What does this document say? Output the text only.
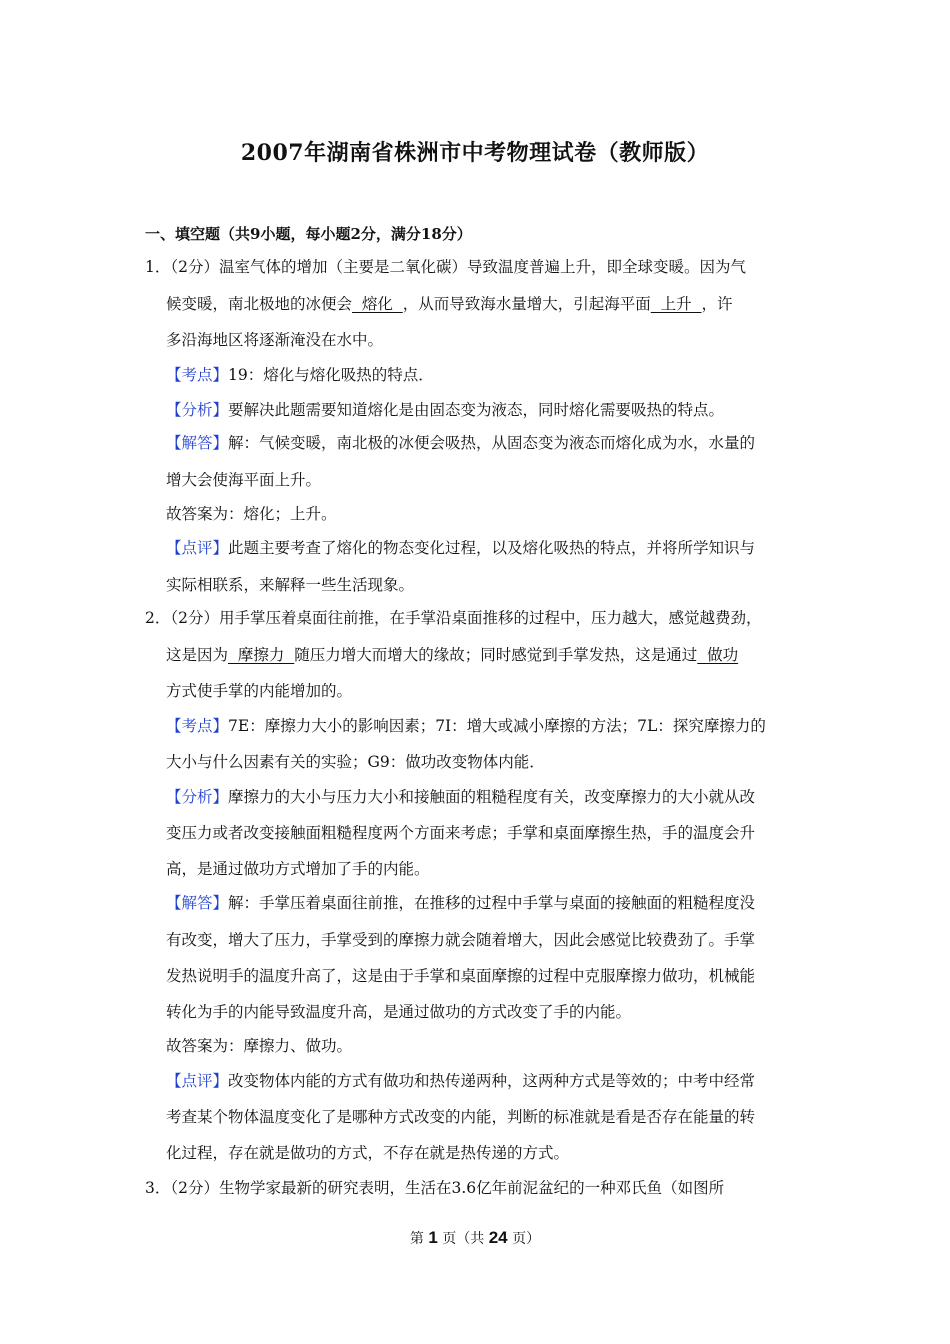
2007年湖南省株洲市中考物理试卷（教师版）
一、填空题（共9小题，每小题2分，满分18分）
1．（2分）温室气体的增加（主要是二氧化碳）导致温度普遍上升，即全球变暖。因为气
候变暖，南北极地的冰便会  熔化  ，从而导致海水量增大，引起海平面  上升  ，许
多沿海地区将逐渐淹没在水中。
【考点】19：熔化与熔化吸热的特点．
【分析】要解决此题需要知道熔化是由固态变为液态，同时熔化需要吸热的特点。
【解答】解：气候变暖，南北极的冰便会吸热，从固态变为液态而熔化成为水，水量的
增大会使海平面上升。
故答案为：熔化；上升。
【点评】此题主要考查了熔化的物态变化过程，以及熔化吸热的特点，并将所学知识与
实际相联系，来解释一些生活现象。
2．（2分）用手掌压着桌面往前推，在手掌沿桌面推移的过程中，压力越大，感觉越费劲，
这是因为  摩擦力  随压力增大而增大的缘故；同时感觉到手掌发热，这是通过  做功
方式使手掌的内能增加的。
【考点】7E：摩擦力大小的影响因素；7I：增大或减小摩擦的方法；7L：探究摩擦力的
大小与什么因素有关的实验；G9：做功改变物体内能．
【分析】摩擦力的大小与压力大小和接触面的粗糙程度有关，改变摩擦力的大小就从改
变压力或者改变接触面粗糙程度两个方面来考虑；手掌和桌面摩擦生热，手的温度会升
高，是通过做功方式增加了手的内能。
【解答】解：手掌压着桌面往前推，在推移的过程中手掌与桌面的接触面的粗糙程度没
有改变，增大了压力，手掌受到的摩擦力就会随着增大，因此会感觉比较费劲了。手掌
发热说明手的温度升高了，这是由于手掌和桌面摩擦的过程中克服摩擦力做功，机械能
转化为手的内能导致温度升高，是通过做功的方式改变了手的内能。
故答案为：摩擦力、做功。
【点评】改变物体内能的方式有做功和热传递两种，这两种方式是等效的；中考中经常
考查某个物体温度变化了是哪种方式改变的内能，判断的标准就是看是否存在能量的转
化过程，存在就是做功的方式，不存在就是热传递的方式。
3．（2分）生物学家最新的研究表明，生活在3.6亿年前泥盆纪的一种邓氏鱼（如图所
第 1 页（共 24 页）
